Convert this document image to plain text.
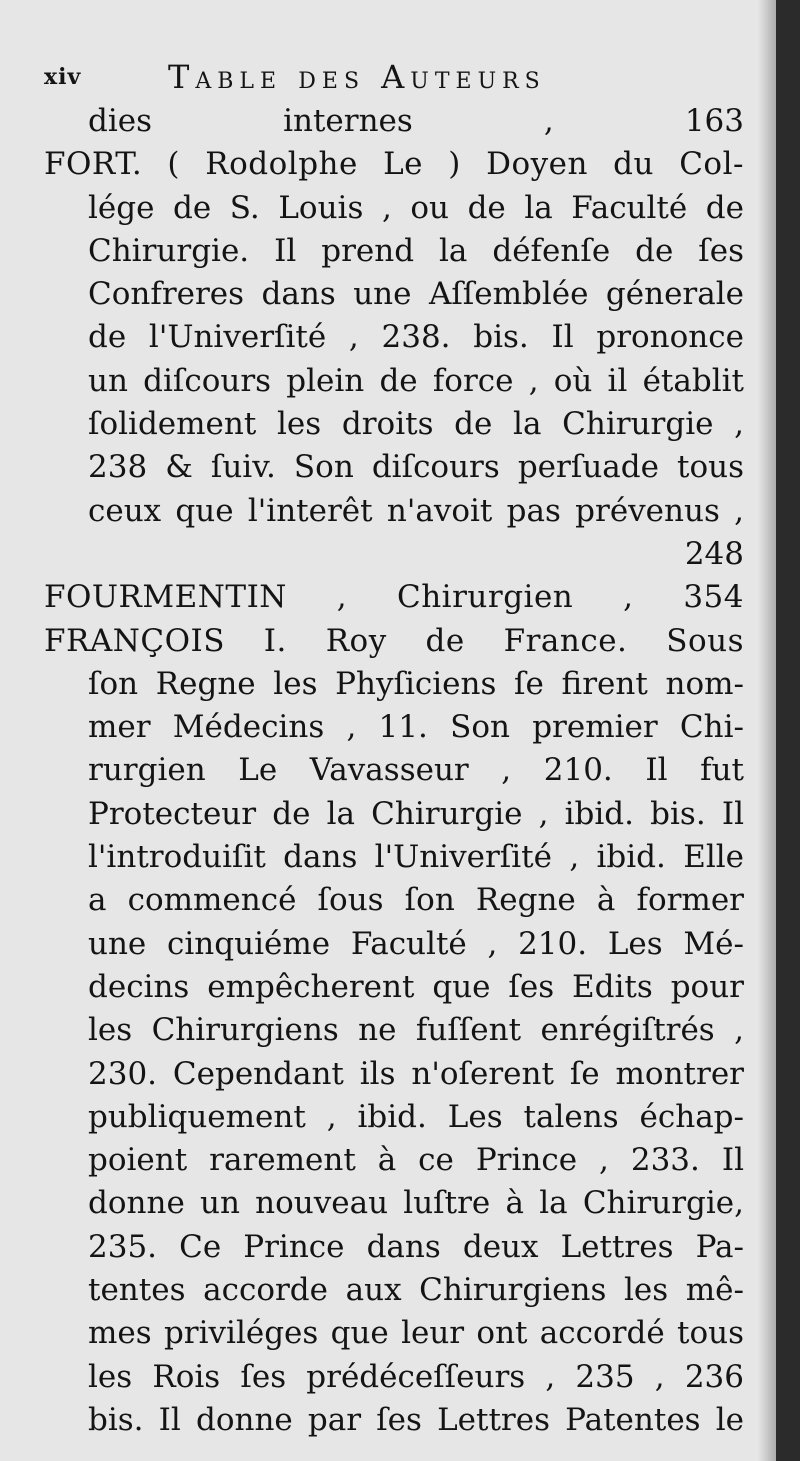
xiv	Table des Auteurs
dies internes , 163
FORT. ( Rodolphe Le ) Doyen du Col-
lége de S. Louis , ou de la Faculté de
Chirurgie. Il prend la défenſe de ſes
Confreres dans une Aſſemblée génerale
de l'Univerſité , 238. bis. Il prononce
un diſcours plein de force , où il établit
ſolidement les droits de la Chirurgie ,
238 & ſuiv. Son diſcours perſuade tous
ceux que l'interêt n'avoit pas prévenus ,
248
FOURMENTIN , Chirurgien , 354
FRANÇOIS I. Roy de France. Sous
ſon Regne les Phyſiciens ſe firent nom-
mer Médecins , 11. Son premier Chi-
rurgien Le Vavasseur , 210. Il fut
Protecteur de la Chirurgie , ibid. bis. Il
l'introduiſit dans l'Univerſité , ibid. Elle
a commencé ſous ſon Regne à former
une cinquiéme Faculté , 210. Les Mé-
decins empêcherent que ſes Edits pour
les Chirurgiens ne fuſſent enrégiſtrés ,
230. Cependant ils n'oſerent ſe montrer
publiquement , ibid. Les talens échap-
poient rarement à ce Prince , 233. Il
donne un nouveau luſtre à la Chirurgie,
235. Ce Prince dans deux Lettres Pa-
tentes accorde aux Chirurgiens les mê-
mes priviléges que leur ont accordé tous
les Rois ſes prédéceſſeurs , 235 , 236
bis. Il donne par ſes Lettres Patentes le
